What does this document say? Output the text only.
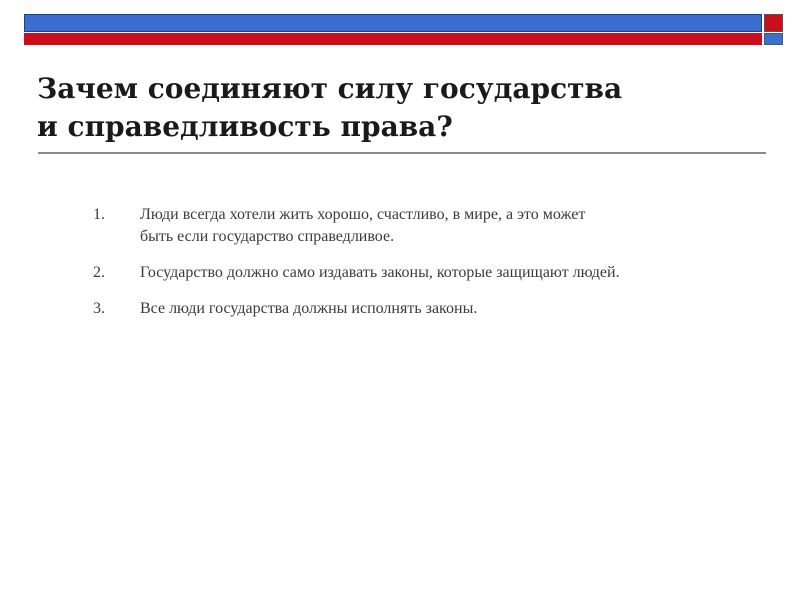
Зачем соединяют силу государства
и справедливость права?
1.	Люди всегда хотели жить хорошо, счастливо, в мире, а это может быть если государство справедливое.
2.	Государство должно само издавать законы, которые защищают людей.
3.	Все люди государства должны исполнять законы.
